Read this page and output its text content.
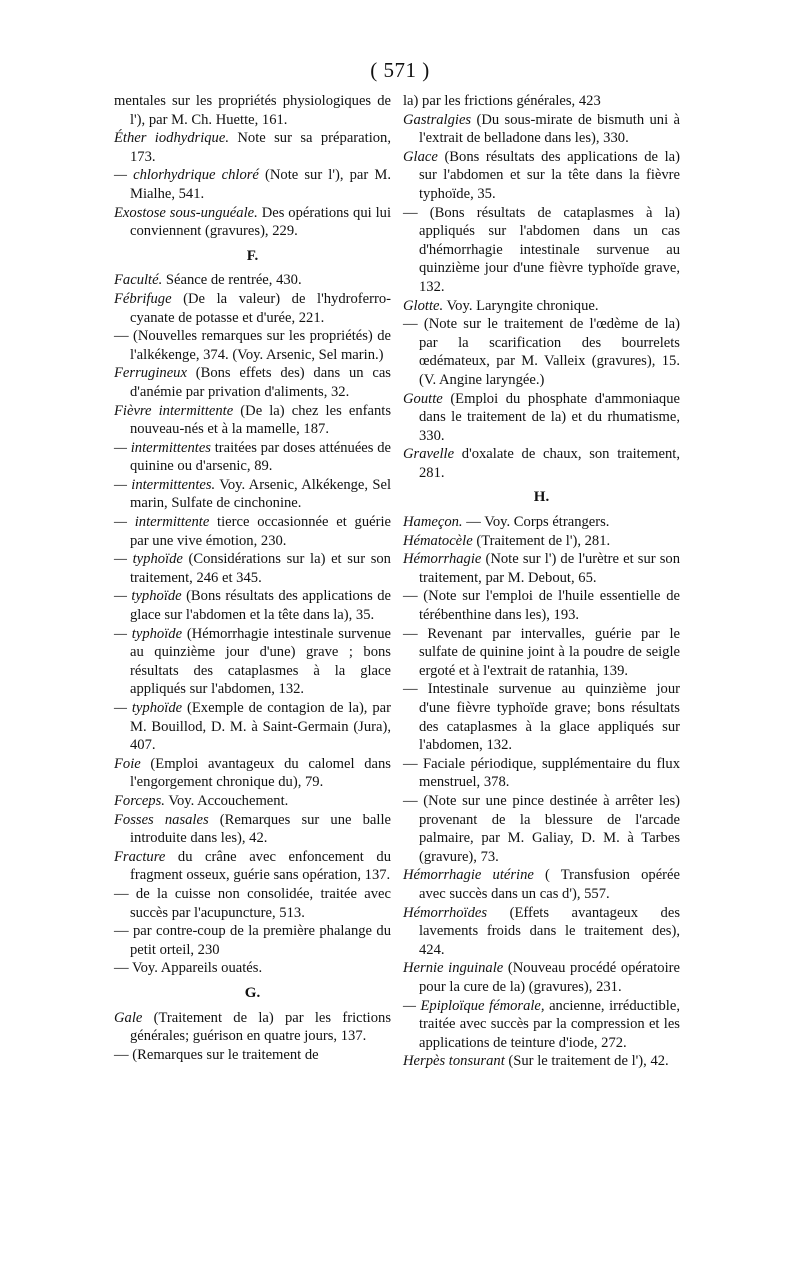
( 571 )

mentales sur les propriétés physiologiques de l'), par M. Ch. Huette, 161.

Éther iodhydrique. Note sur sa préparation, 173.

— chlorhydrique chloré (Note sur l'), par M. Mialhe, 541.

Exostose sous-unguéale. Des opérations qui lui conviennent (gravures), 229.

F.

Faculté. Séance de rentrée, 430.

Fébrifuge (De la valeur) de l'hydroferro-cyanate de potasse et d'urée, 221.

— (Nouvelles remarques sur les propriétés) de l'alkékenge, 374. (Voy. Arsenic, Sel marin.)

Ferrugineux (Bons effets des) dans un cas d'anémie par privation d'aliments, 32.

Fièvre intermittente (De la) chez les enfants nouveau-nés et à la mamelle, 187.

— intermittentes traitées par doses atténuées de quinine ou d'arsenic, 89.

— intermittentes. Voy. Arsenic, Alkékenge, Sel marin, Sulfate de cinchonine.

— intermittente tierce occasionnée et guérie par une vive émotion, 230.

— typhoïde (Considérations sur la) et sur son traitement, 246 et 345.

— typhoïde (Bons résultats des applications de glace sur l'abdomen et la tête dans la), 35.

— typhoïde (Hémorrhagie intestinale survenue au quinzième jour d'une) grave ; bons résultats des cataplasmes à la glace appliqués sur l'abdomen, 132.

— typhoïde (Exemple de contagion de la), par M. Bouillod, D. M. à Saint-Germain (Jura), 407.

Foie (Emploi avantageux du calomel dans l'engorgement chronique du), 79.

Forceps. Voy. Accouchement.

Fosses nasales (Remarques sur une balle introduite dans les), 42.

Fracture du crâne avec enfoncement du fragment osseux, guérie sans opération, 137.

— de la cuisse non consolidée, traitée avec succès par l'acupuncture, 513.

— par contre-coup de la première phalange du petit orteil, 230

— Voy. Appareils ouatés.

G.

Gale (Traitement de la) par les frictions générales; guérison en quatre jours, 137.

— (Remarques sur le traitement de

la) par les frictions générales, 423

Gastralgies (Du sous-mirate de bismuth uni à l'extrait de belladone dans les), 330.

Glace (Bons résultats des applications de la) sur l'abdomen et sur la tête dans la fièvre typhoïde, 35.

— (Bons résultats de cataplasmes à la) appliqués sur l'abdomen dans un cas d'hémorrhagie intestinale survenue au quinzième jour d'une fièvre typhoïde grave, 132.

Glotte. Voy. Laryngite chronique.

— (Note sur le traitement de l'œdème de la) par la scarification des bourrelets œdémateux, par M. Valleix (gravures), 15. (V. Angine laryngée.)

Goutte (Emploi du phosphate d'ammoniaque dans le traitement de la) et du rhumatisme, 330.

Gravelle d'oxalate de chaux, son traitement, 281.

H.

Hameçon. — Voy. Corps étrangers.

Hématocèle (Traitement de l'), 281.

Hémorrhagie (Note sur l') de l'urètre et sur son traitement, par M. Debout, 65.

— (Note sur l'emploi de l'huile essentielle de térébenthine dans les), 193.

— Revenant par intervalles, guérie par le sulfate de quinine joint à la poudre de seigle ergoté et à l'extrait de ratanhia, 139.

— Intestinale survenue au quinzième jour d'une fièvre typhoïde grave; bons résultats des cataplasmes à la glace appliqués sur l'abdomen, 132.

— Faciale périodique, supplémentaire du flux menstruel, 378.

— (Note sur une pince destinée à arrêter les) provenant de la blessure de l'arcade palmaire, par M. Galiay, D. M. à Tarbes (gravure), 73.

Hémorrhagie utérine ( Transfusion opérée avec succès dans un cas d'), 557.

Hémorrhoïdes (Effets avantageux des lavements froids dans le traitement des), 424.

Hernie inguinale (Nouveau procédé opératoire pour la cure de la) (gravures), 231.

— Epiploïque fémorale, ancienne, irréductible, traitée avec succès par la compression et les applications de teinture d'iode, 272.

Herpès tonsurant (Sur le traitement de l'), 42.
